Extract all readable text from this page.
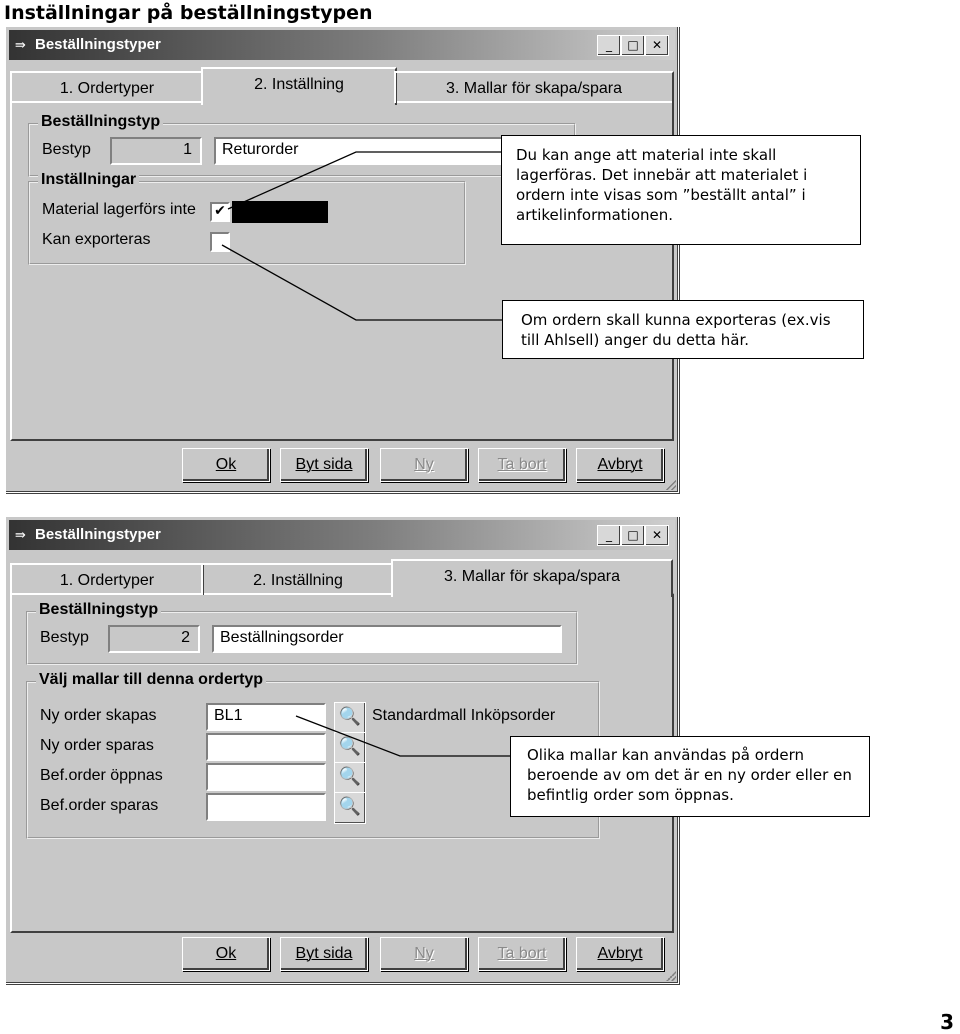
Inställningar på beställningstypen
⇛ Beställningstyper	_	□	✕
1. Ordertyper	2. Inställning	3. Mallar för skapa/spara
Beställningstyp
Bestyp	1	Returorder
Inställningar
Material lagerförs inte ✔
Kan exporteras
Ok	Byt sida	Ny	Ta bort	Avbryt
⇛ Beställningstyper	_	□	✕
1. Ordertyper	2. Inställning	3. Mallar för skapa/spara
Beställningstyp
Bestyp	2	Beställningsorder
Välj mallar till denna ordertyp
Ny order skapas	BL1	🔍 Standardmall Inköpsorder
Ny order sparas	🔍
Bef.order öppnas	🔍
Bef.order sparas	🔍
Ok	Byt sida	Ny	Ta bort	Avbryt
Du kan ange att material inte skall lagerföras. Det innebär att materialet i ordern inte visas som ”beställt antal” i artikelinformationen.
Om ordern skall kunna exporteras (ex.vis till Ahlsell) anger du detta här.
Olika mallar kan användas på ordern beroende av om det är en ny order eller en befintlig order som öppnas.
3
